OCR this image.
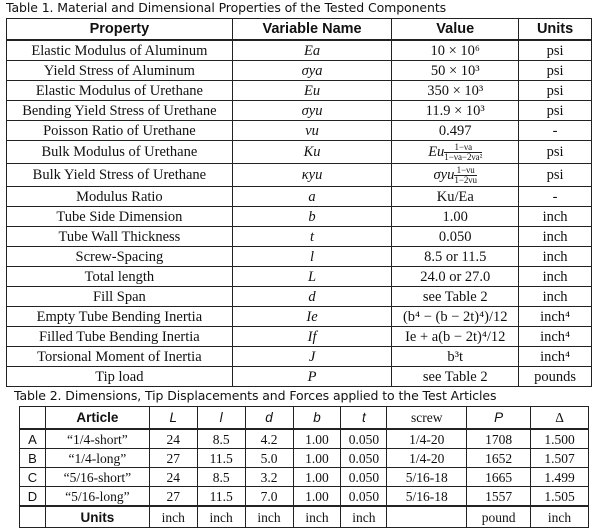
Table 1. Material and Dimensional Properties of the Tested Components
Property	Variable Name	Value	Units
Elastic Modulus of Aluminum	Ea	10 × 10⁶	psi
Yield Stress of Aluminum	σya	50 × 10³	psi
Elastic Modulus of Urethane	Eu	350 × 10³	psi
Bending Yield Stress of Urethane	σyu	11.9 × 10³	psi
Poisson Ratio of Urethane	νu	0.497	-
Bulk Modulus of Urethane	Ku	Eu $\frac{1-\nu a}{\text{1−νa−2νa²}}$	psi
Bulk Yield Stress of Urethane	κyu	σyu $\frac{1-\nu u}{1-2\nu u}$	psi
Modulus Ratio	a	Ku/Ea	-
Tube Side Dimension	b	1.00	inch
Tube Wall Thickness	t	0.050	inch
Screw-Spacing	l	8.5 or 11.5	inch
Total length	L	24.0 or 27.0	inch
Fill Span	d	see Table 2	inch
Empty Tube Bending Inertia	Ie	(b⁴ − (b − 2t)⁴)/12	inch⁴
Filled Tube Bending Inertia	If	Ie + a(b − 2t)⁴/12	inch⁴
Torsional Moment of Inertia	J	b³t	inch⁴
Tip load	P	see Table 2	pounds
Table 2. Dimensions, Tip Displacements and Forces applied to the Test Articles
	Article	L	l	d	b	t	screw	P	Δ
A	“1/4-short”	24	8.5	4.2	1.00	0.050	1/4-20	1708	1.500
B	“1/4-long”	27	11.5	5.0	1.00	0.050	1/4-20	1652	1.507
C	“5/16-short”	24	8.5	3.2	1.00	0.050	5/16-18	1665	1.499
D	“5/16-long”	27	11.5	7.0	1.00	0.050	5/16-18	1557	1.505
	Units	inch	inch	inch	inch	inch		pound	inch
